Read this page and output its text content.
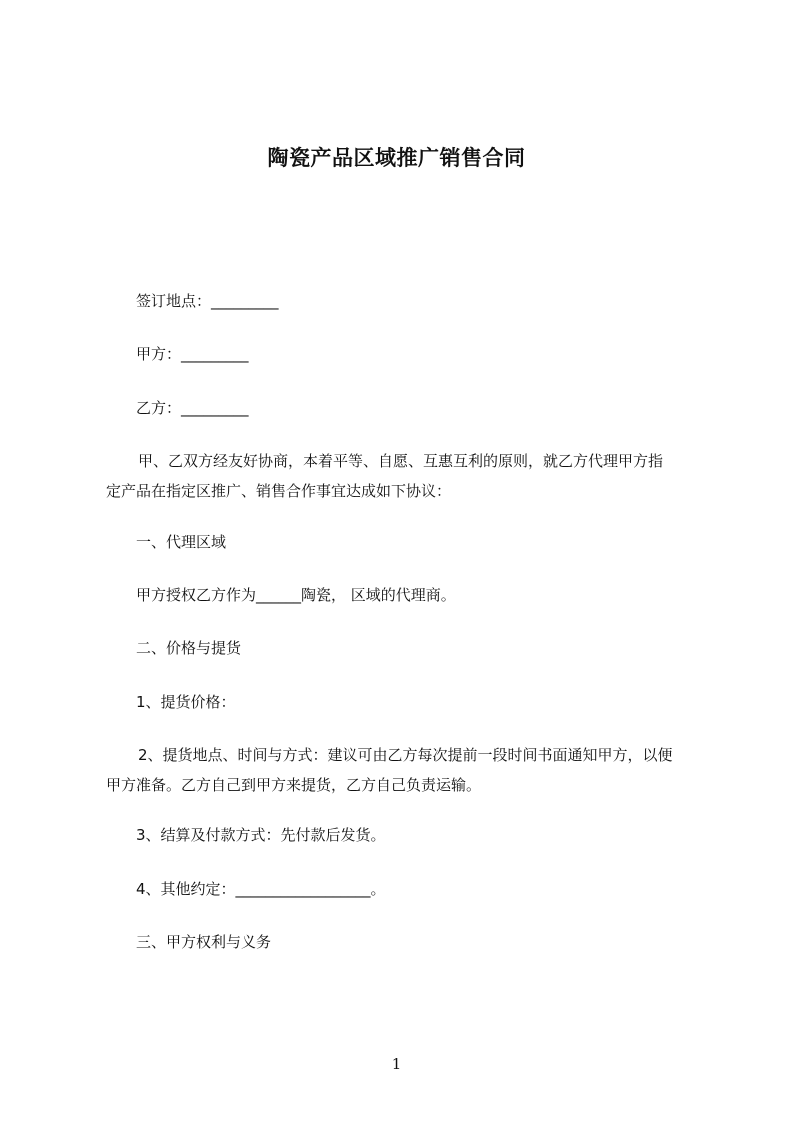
陶瓷产品区域推广销售合同
签订地点：_________
甲方：_________
乙方：_________
甲、乙双方经友好协商，本着平等、自愿、互惠互利的原则，就乙方代理甲方指
定产品在指定区推广、销售合作事宜达成如下协议：
一、代理区域
甲方授权乙方作为______陶瓷， 区域的代理商。
二、价格与提货
1、提货价格：
2、提货地点、时间与方式：建议可由乙方每次提前一段时间书面通知甲方，以便
甲方准备。乙方自己到甲方来提货，乙方自己负责运输。
3、结算及付款方式：先付款后发货。
4、其他约定：__________________。
三、甲方权利与义务
1
